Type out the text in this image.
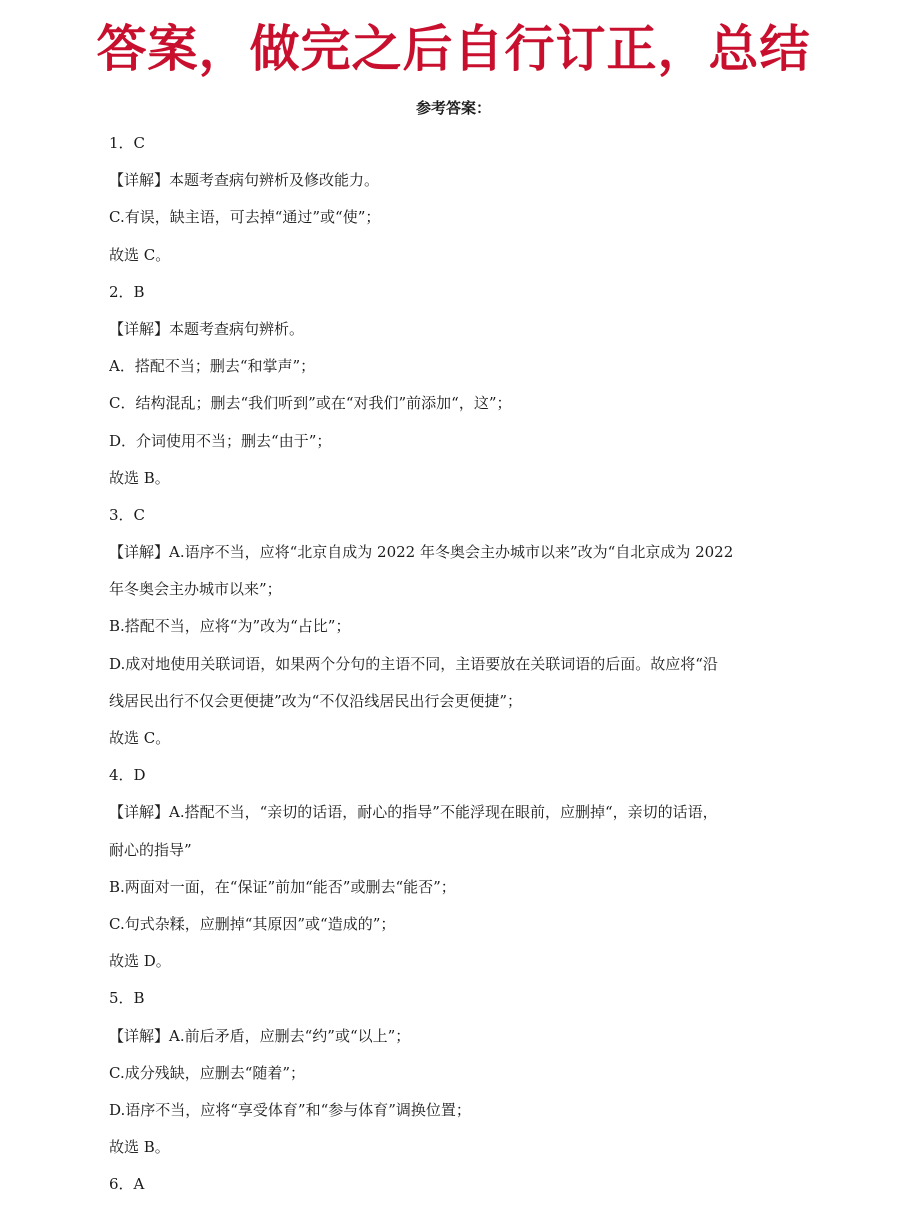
答案，做完之后自行订正，总结
参考答案：
1．C
【详解】本题考查病句辨析及修改能力。
C.有误，缺主语，可去掉“通过”或“使”；
故选 C。
2．B
【详解】本题考查病句辨析。
A．搭配不当；删去“和掌声”；
C．结构混乱；删去“我们听到”或在“对我们”前添加“，这”；
D．介词使用不当；删去“由于”；
故选 B。
3．C
【详解】A.语序不当，应将“北京自成为 2022 年冬奥会主办城市以来”改为“自北京成为 2022
年冬奥会主办城市以来”；
B.搭配不当，应将“为”改为“占比”；
D.成对地使用关联词语，如果两个分句的主语不同，主语要放在关联词语的后面。故应将“沿
线居民出行不仅会更便捷”改为“不仅沿线居民出行会更便捷”；
故选 C。
4．D
【详解】A.搭配不当，“亲切的话语，耐心的指导”不能浮现在眼前，应删掉“，亲切的话语，
耐心的指导”
B.两面对一面，在“保证”前加“能否”或删去“能否”；
C.句式杂糅，应删掉“其原因”或“造成的”；
故选 D。
5．B
【详解】A.前后矛盾，应删去“约”或“以上”；
C.成分残缺，应删去“随着”；
D.语序不当，应将“享受体育”和“参与体育”调换位置；
故选 B。
6．A
